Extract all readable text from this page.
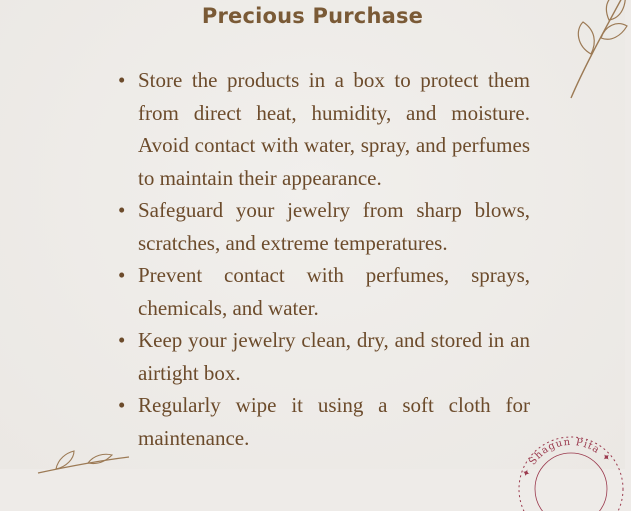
Precious Purchase
• Store the products in a box to protect them from direct heat, humidity, and moisture. Avoid contact with water, spray, and perfumes to maintain their appearance.
• Safeguard your jewelry from sharp blows, scratches, and extreme temperatures.
• Prevent contact with perfumes, sprays, chemicals, and water.
• Keep your jewelry clean, dry, and stored in an airtight box.
• Regularly wipe it using a soft cloth for maintenance.
✦ Shagun Pita ✦
